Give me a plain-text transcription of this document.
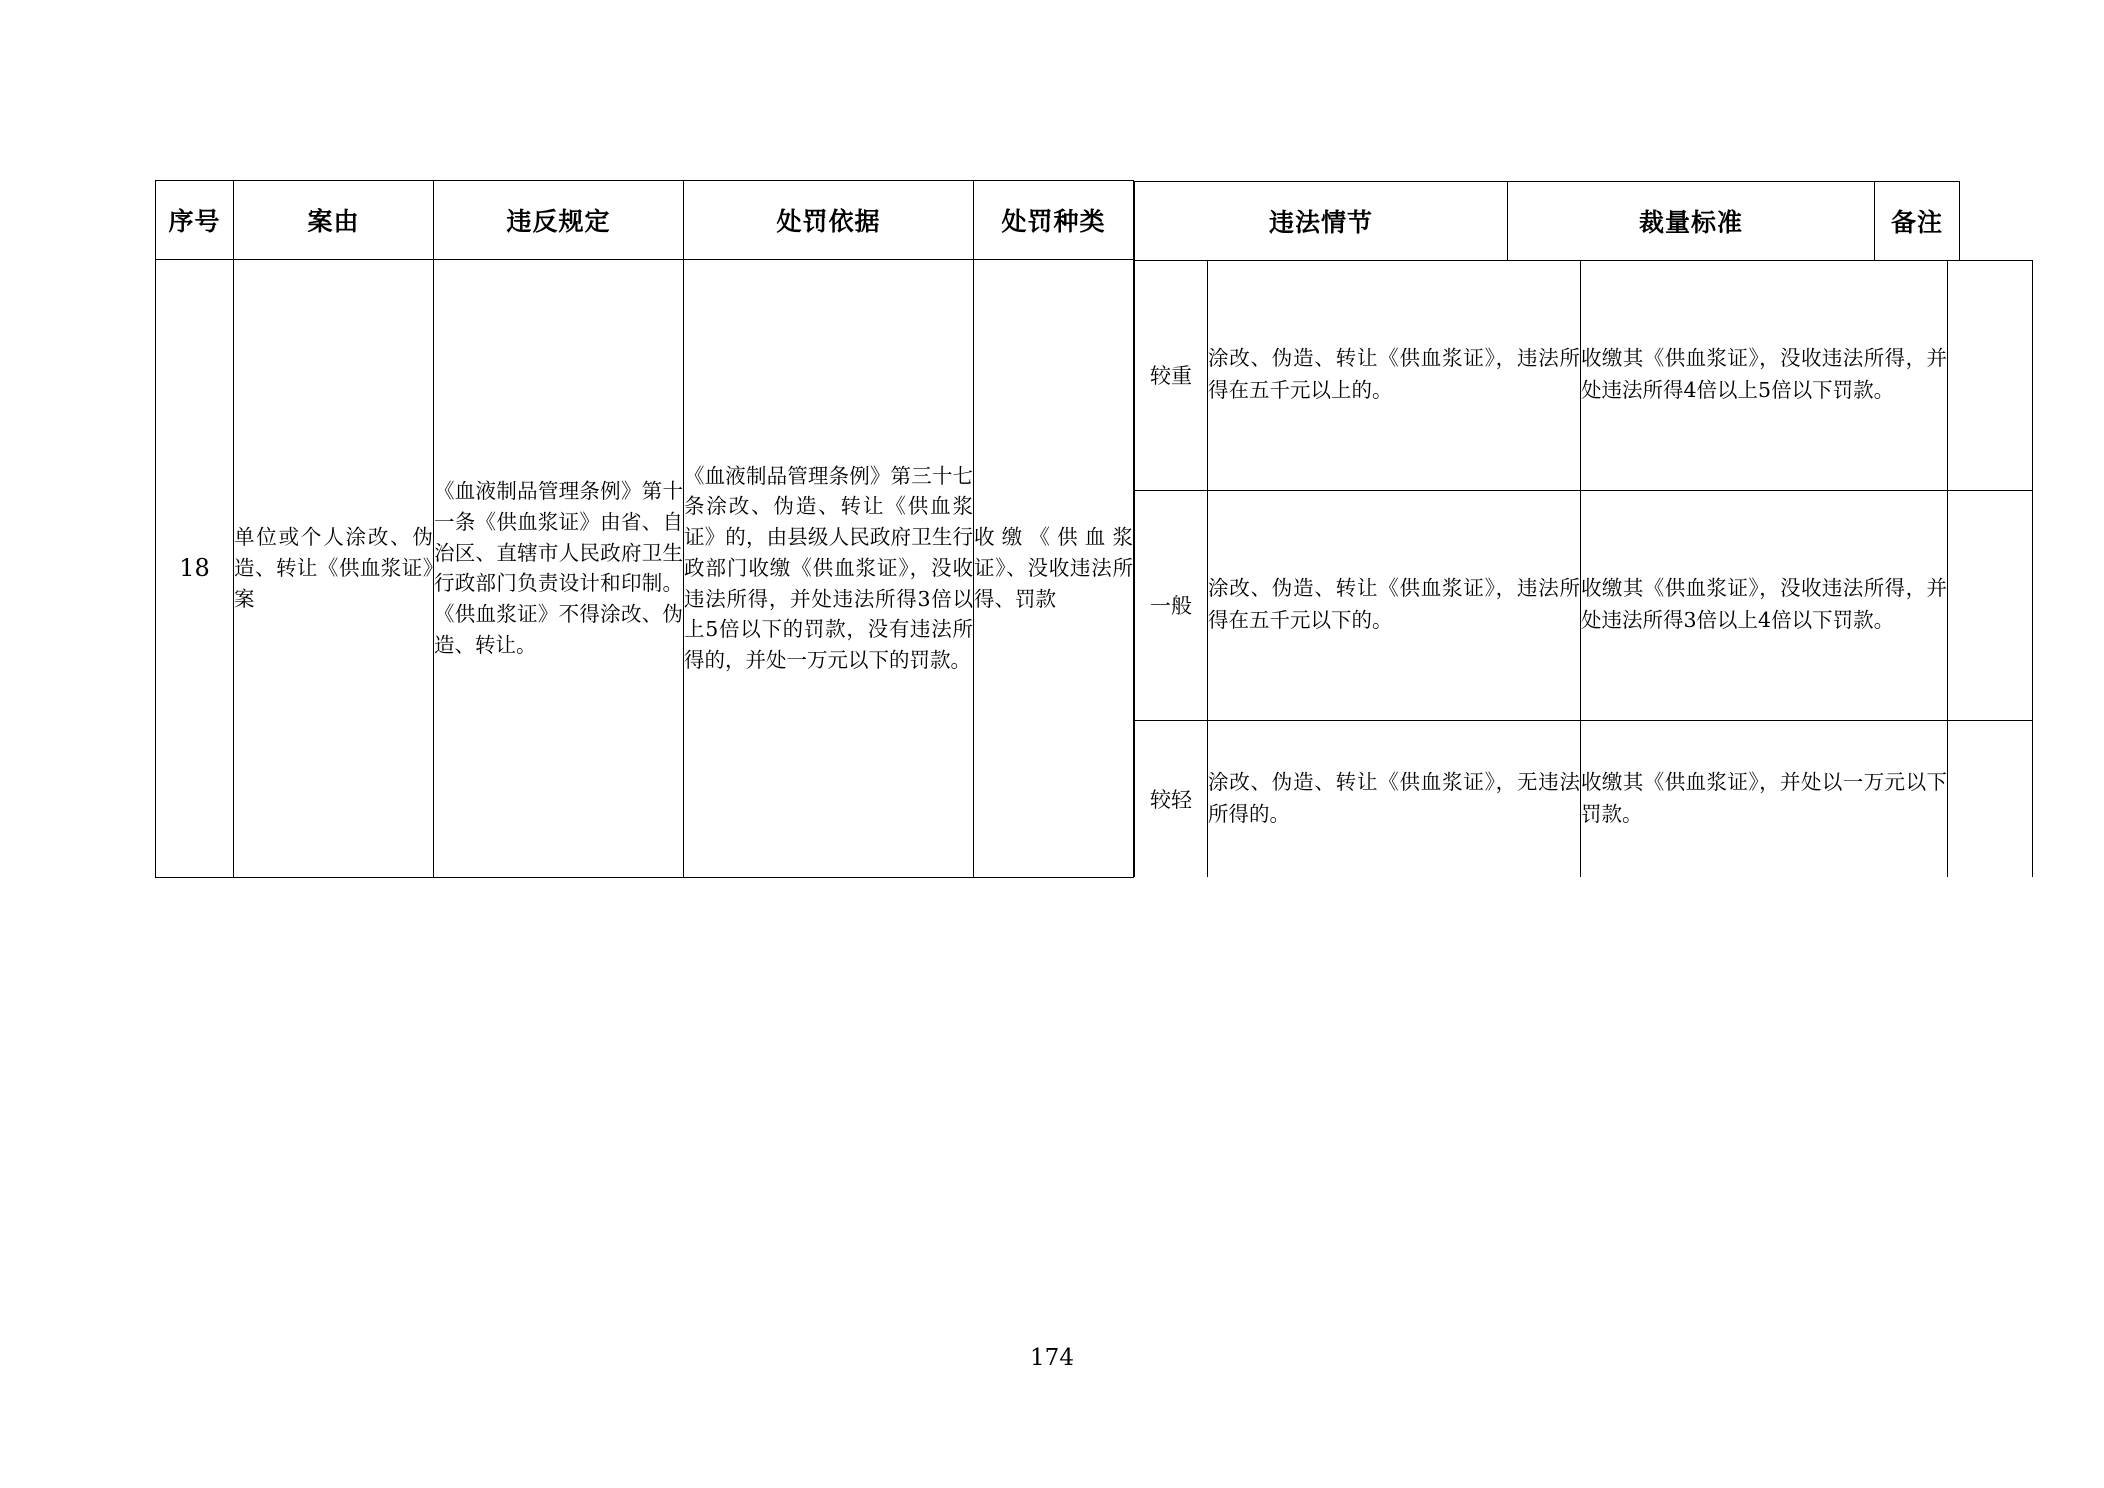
序号	案由	违反规定	处罚依据	处罚种类		违法情节	裁量标准	备注

18	单位或个人涂改、伪造、转让《供血浆证》案	《血液制品管理条例》第十一条《供血浆证》由省、自治区、直辖市人民政府卫生行政部门负责设计和印制。《供血浆证》不得涂改、伪造、转让。	《血液制品管理条例》第三十七条涂改、伪造、转让《供血浆证》的，由县级人民政府卫生行政部门收缴《供血浆证》，没收违法所得，并处违法所得3倍以上5倍以下的罚款，没有违法所得的，并处一万元以下的罚款。	收缴《供血浆证》、没收违法所得、罚款	
较重	涂改、伪造、转让《供血浆证》，违法所得在五千元以上的。	收缴其《供血浆证》，没收违法所得，并处违法所得4倍以上5倍以下罚款。	
一般	涂改、伪造、转让《供血浆证》，违法所得在五千元以下的。	收缴其《供血浆证》，没收违法所得，并处违法所得3倍以上4倍以下罚款。	
较轻	涂改、伪造、转让《供血浆证》，无违法所得的。	收缴其《供血浆证》，并处以一万元以下罚款。	
174
